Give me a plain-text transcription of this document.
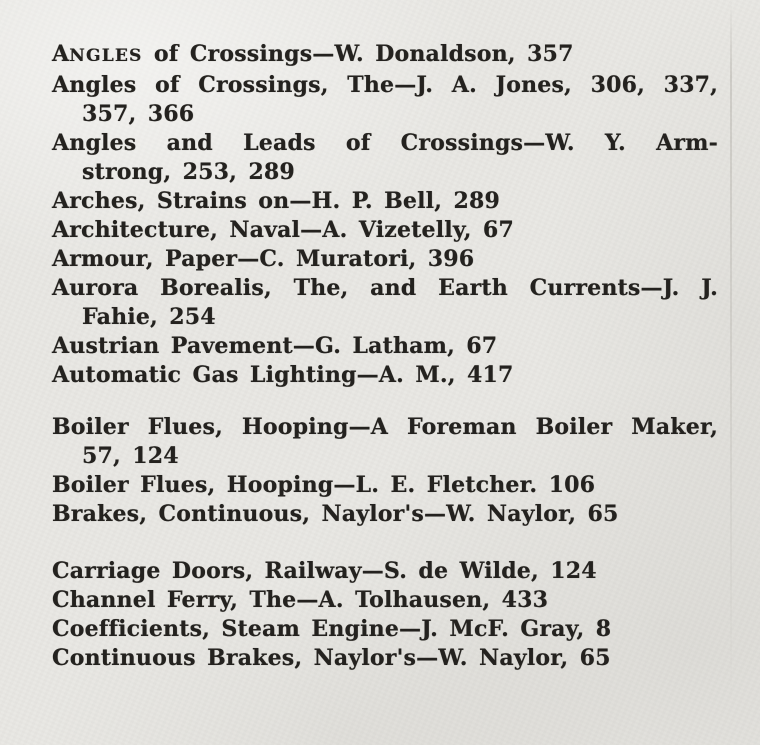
ANGLES of Crossings—W. Donaldson, 357
Angles of Crossings, The—J. A. Jones, 306, 337,
357, 366
Angles and Leads of Crossings—W. Y. Arm-
strong, 253, 289
Arches, Strains on—H. P. Bell, 289
Architecture, Naval—A. Vizetelly, 67
Armour, Paper—C. Muratori, 396
Aurora Borealis, The, and Earth Currents—J. J.
Fahie, 254
Austrian Pavement—G. Latham, 67
Automatic Gas Lighting—A. M., 417
Boiler Flues, Hooping—A Foreman Boiler Maker,
57, 124
Boiler Flues, Hooping—L. E. Fletcher. 106
Brakes, Continuous, Naylor's—W. Naylor, 65
Carriage Doors, Railway—S. de Wilde, 124
Channel Ferry, The—A. Tolhausen, 433
Coefficients, Steam Engine—J. McF. Gray, 8
Continuous Brakes, Naylor's—W. Naylor, 65
